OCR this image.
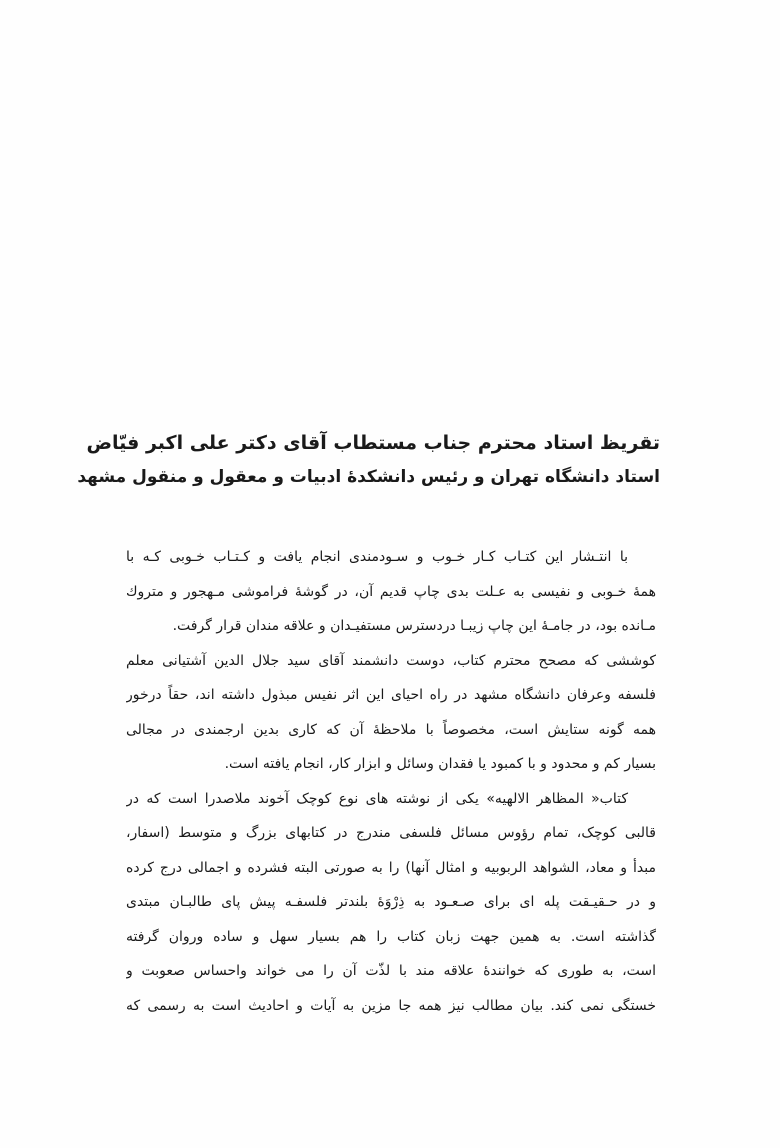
تقریظ استاد محترم جناب مستطاب آقای دکتر علی اکبر فیّاض
استاد دانشگاه تهران و رئیس دانشکدهٔ ادبیات و معقول و منقول مشهد

با انتـشار این کتـاب کـار خـوب و سـودمندی انجام یافت و کـتـاب خـوبی کـه با
همهٔ خـوبی و نفیسی به عـلت بدی چاپ قدیم آن، در گوشهٔ فراموشی مـهجور و متروك
مـانده بود، در جامـهٔ این چاپ زیبـا دردسترس مستفیـدان و علاقه مندان قرار گرفت.

کوششی که مصحح محترم کتاب، دوست دانشمند آقای سید جلال الدین آشتیانی معلم
فلسفه وعرفان دانشگاه مشهد در راه احیای این اثر نفیس مبذول داشته اند، حقاً درخور
همه گونه ستایش است، مخصوصاً با ملاحظهٔ آن که کاری بدین ارجمندی در مجالی
بسیار کم و محدود و با کمبود یا فقدان وسائل و ابزار کار، انجام یافته است.

کتاب« المظاهر الالهیه» یکی از نوشته های نوع کوچک آخوند ملاصدرا است که در
قالبی کوچک، تمام رؤوس مسائل فلسفی مندرج در کتابهای بزرگ و متوسط (اسفار،
مبدأ و معاد، الشواهد الربوبیه و امثال آنها) را به صورتی البته فشرده و اجمالی درج کرده
و در حـقیـقت پله ای برای صـعـود به ذِرْوَهٔ بلندتر فلسفـه پیش پای طالبـان مبتدی
گذاشته است. به همین جهت زبان کتاب را هم بسیار سهل و ساده وروان گرفته
است، به طوری که خوانندهٔ علاقه مند با لذّت آن را می خواند واحساس صعوبت و
خستگی نمی کند. بیان مطالب نیز همه جا مزین به آیات و احادیث است به رسمی که
